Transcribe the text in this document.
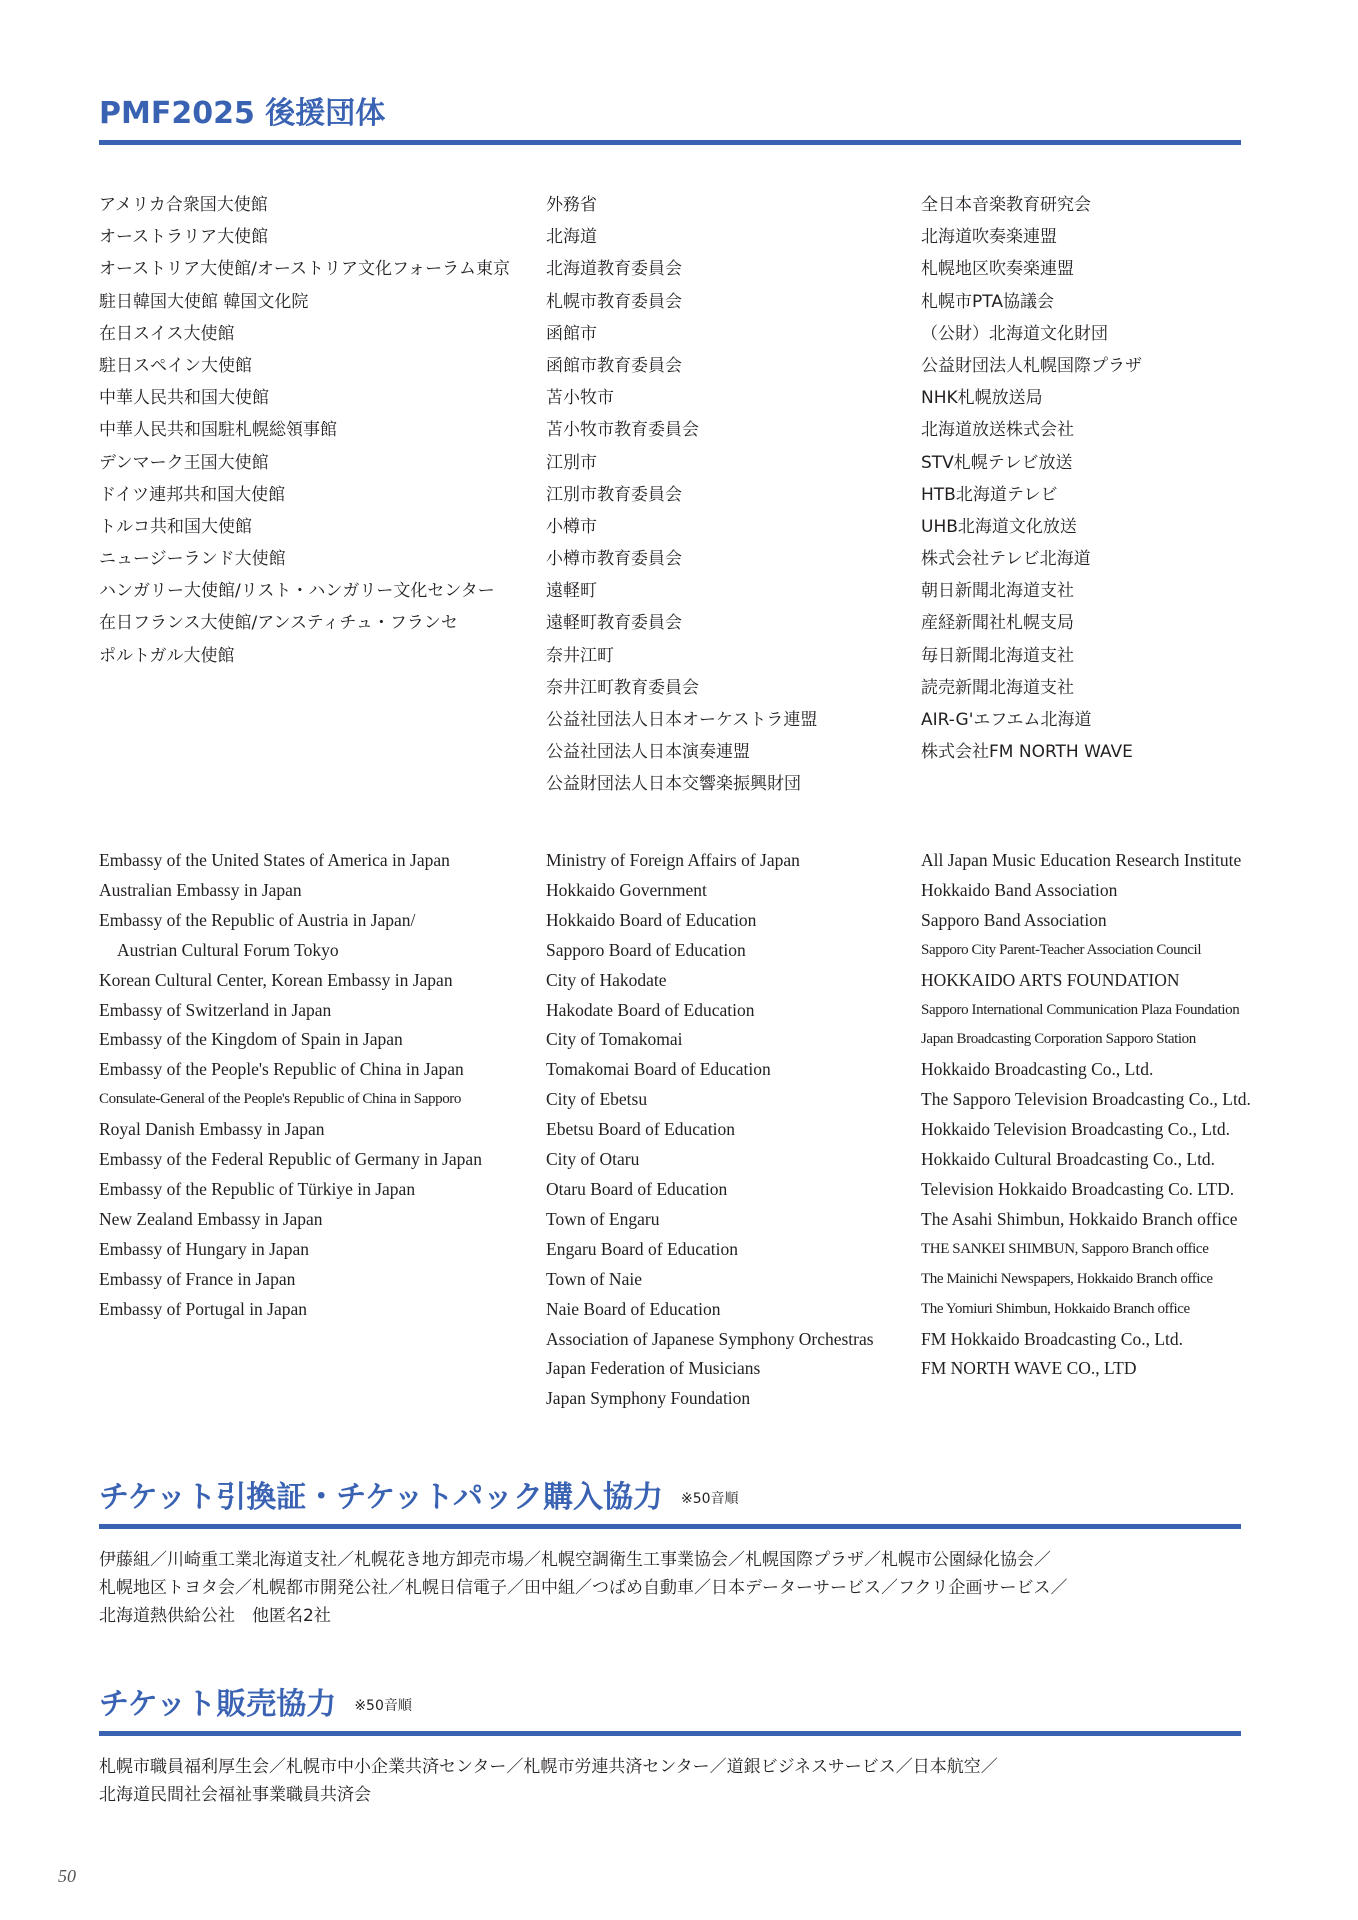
PMF2025 後援団体
アメリカ合衆国大使館
オーストラリア大使館
オーストリア大使館/オーストリア文化フォーラム東京
駐日韓国大使館 韓国文化院
在日スイス大使館
駐日スペイン大使館
中華人民共和国大使館
中華人民共和国駐札幌総領事館
デンマーク王国大使館
ドイツ連邦共和国大使館
トルコ共和国大使館
ニュージーランド大使館
ハンガリー大使館/リスト・ハンガリー文化センター
在日フランス大使館/アンスティチュ・フランセ
ポルトガル大使館
外務省
北海道
北海道教育委員会
札幌市教育委員会
函館市
函館市教育委員会
苫小牧市
苫小牧市教育委員会
江別市
江別市教育委員会
小樽市
小樽市教育委員会
遠軽町
遠軽町教育委員会
奈井江町
奈井江町教育委員会
公益社団法人日本オーケストラ連盟
公益社団法人日本演奏連盟
公益財団法人日本交響楽振興財団
全日本音楽教育研究会
北海道吹奏楽連盟
札幌地区吹奏楽連盟
札幌市PTA協議会
（公財）北海道文化財団
公益財団法人札幌国際プラザ
NHK札幌放送局
北海道放送株式会社
STV札幌テレビ放送
HTB北海道テレビ
UHB北海道文化放送
株式会社テレビ北海道
朝日新聞北海道支社
産経新聞社札幌支局
毎日新聞北海道支社
読売新聞北海道支社
AIR-G'エフエム北海道
株式会社FM NORTH WAVE
Embassy of the United States of America in Japan
Australian Embassy in Japan
Embassy of the Republic of Austria in Japan/
Austrian Cultural Forum Tokyo
Korean Cultural Center, Korean Embassy in Japan
Embassy of Switzerland in Japan
Embassy of the Kingdom of Spain in Japan
Embassy of the People's Republic of China in Japan
Consulate-General of the People's Republic of China in Sapporo
Royal Danish Embassy in Japan
Embassy of the Federal Republic of Germany in Japan
Embassy of the Republic of Türkiye in Japan
New Zealand Embassy in Japan
Embassy of Hungary in Japan
Embassy of France in Japan
Embassy of Portugal in Japan
Ministry of Foreign Affairs of Japan
Hokkaido Government
Hokkaido Board of Education
Sapporo Board of Education
City of Hakodate
Hakodate Board of Education
City of Tomakomai
Tomakomai Board of Education
City of Ebetsu
Ebetsu Board of Education
City of Otaru
Otaru Board of Education
Town of Engaru
Engaru Board of Education
Town of Naie
Naie Board of Education
Association of Japanese Symphony Orchestras
Japan Federation of Musicians
Japan Symphony Foundation
All Japan Music Education Research Institute
Hokkaido Band Association
Sapporo Band Association
Sapporo City Parent-Teacher Association Council
HOKKAIDO ARTS FOUNDATION
Sapporo International Communication Plaza Foundation
Japan Broadcasting Corporation Sapporo Station
Hokkaido Broadcasting Co., Ltd.
The Sapporo Television Broadcasting Co., Ltd.
Hokkaido Television Broadcasting Co., Ltd.
Hokkaido Cultural Broadcasting Co., Ltd.
Television Hokkaido Broadcasting Co. LTD.
The Asahi Shimbun, Hokkaido Branch office
THE SANKEI SHIMBUN, Sapporo Branch office
The Mainichi Newspapers, Hokkaido Branch office
The Yomiuri Shimbun, Hokkaido Branch office
FM Hokkaido Broadcasting Co., Ltd.
FM NORTH WAVE CO., LTD
チケット引換証・チケットパック購入協力 ※50音順
伊藤組／川崎重工業北海道支社／札幌花き地方卸売市場／札幌空調衛生工事業協会／札幌国際プラザ／札幌市公園緑化協会／
札幌地区トヨタ会／札幌都市開発公社／札幌日信電子／田中組／つばめ自動車／日本データーサービス／フクリ企画サービス／
北海道熱供給公社　他匿名2社
チケット販売協力 ※50音順
札幌市職員福利厚生会／札幌市中小企業共済センター／札幌市労連共済センター／道銀ビジネスサービス／日本航空／
北海道民間社会福祉事業職員共済会
50
